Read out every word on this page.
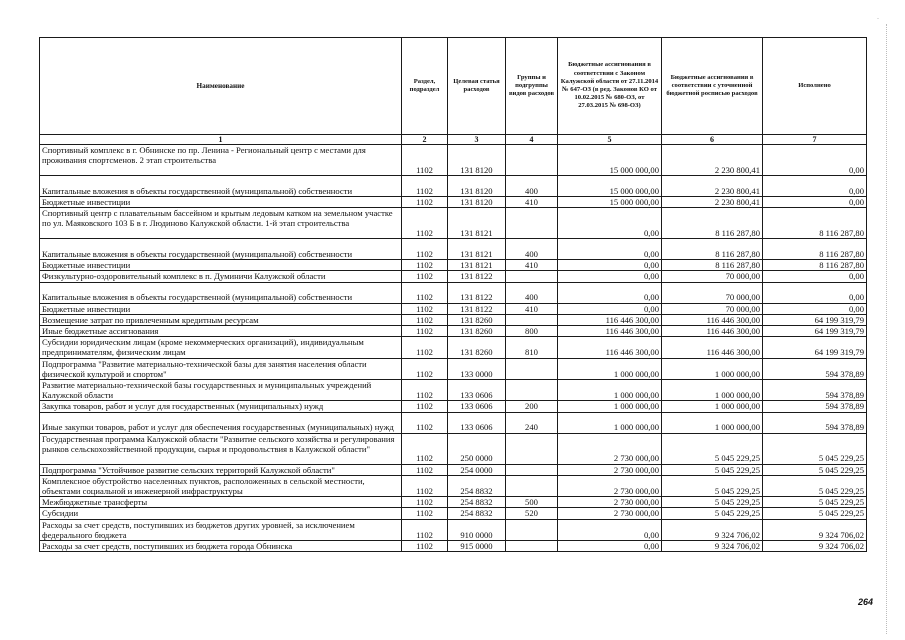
·
Наименование	Раздел, подраздел	Целевая статья расходов	Группы и подгруппы видов расходов	Бюджетные ассигнования в соответствии с Законом Калужской области от 27.11.2014 № 647-ОЗ (в ред. Законов КО от 10.02.2015 № 680-ОЗ, от 27.03.2015 № 698-ОЗ)	Бюджетные ассигнования в соответствии с уточненной бюджетной росписью расходов	Исполнено
1	2	3	4	5	6	7
Спортивный комплекс в г. Обнинске по пр. Ленина - Региональный центр с местами для проживания спортсменов. 2 этап строительства	1102	131 8120		15 000 000,00	2 230 800,41	0,00
Капитальные вложения в объекты государственной (муниципальной) собственности	1102	131 8120	400	15 000 000,00	2 230 800,41	0,00
Бюджетные инвестиции	1102	131 8120	410	15 000 000,00	2 230 800,41	0,00
Спортивный центр с плавательным бассейном и крытым ледовым катком на земельном участке по ул. Маяковского 103 Б в г. Людиново Калужской области. 1-й этап строительства	1102	131 8121		0,00	8 116 287,80	8 116 287,80
Капитальные вложения в объекты государственной (муниципальной) собственности	1102	131 8121	400	0,00	8 116 287,80	8 116 287,80
Бюджетные инвестиции	1102	131 8121	410	0,00	8 116 287,80	8 116 287,80
Физкультурно-оздоровительный комплекс в п. Думиничи Калужской области	1102	131 8122		0,00	70 000,00	0,00
Капитальные вложения в объекты государственной (муниципальной) собственности	1102	131 8122	400	0,00	70 000,00	0,00
Бюджетные инвестиции	1102	131 8122	410	0,00	70 000,00	0,00
Возмещение затрат по привлеченным кредитным ресурсам	1102	131 8260		116 446 300,00	116 446 300,00	64 199 319,79
Иные бюджетные ассигнования	1102	131 8260	800	116 446 300,00	116 446 300,00	64 199 319,79
Субсидии юридическим лицам (кроме некоммерческих организаций), индивидуальным предпринимателям, физическим лицам	1102	131 8260	810	116 446 300,00	116 446 300,00	64 199 319,79
Подпрограмма "Развитие материально-технической базы для занятия населения области физической культурой и спортом"	1102	133 0000		1 000 000,00	1 000 000,00	594 378,89
Развитие материально-технической базы государственных и муниципальных учреждений Калужской области	1102	133 0606		1 000 000,00	1 000 000,00	594 378,89
Закупка товаров, работ и услуг для государственных (муниципальных) нужд	1102	133 0606	200	1 000 000,00	1 000 000,00	594 378,89
Иные закупки товаров, работ и услуг для обеспечения государственных (муниципальных) нужд	1102	133 0606	240	1 000 000,00	1 000 000,00	594 378,89
Государственная программа Калужской области "Развитие сельского хозяйства и регулирования рынков сельскохозяйственной продукции, сырья и продовольствия в Калужской области"	1102	250 0000		2 730 000,00	5 045 229,25	5 045 229,25
Подпрограмма "Устойчивое развитие сельских территорий Калужской области"	1102	254 0000		2 730 000,00	5 045 229,25	5 045 229,25
Комплексное обустройство населенных пунктов, расположенных в сельской местности, объектами социальной и инженерной инфраструктуры	1102	254 8832		2 730 000,00	5 045 229,25	5 045 229,25
Межбюджетные трансферты	1102	254 8832	500	2 730 000,00	5 045 229,25	5 045 229,25
Субсидии	1102	254 8832	520	2 730 000,00	5 045 229,25	5 045 229,25
Расходы за счет средств, поступивших из бюджетов других уровней, за исключением федерального бюджета	1102	910 0000		0,00	9 324 706,02	9 324 706,02
Расходы за счет средств, поступивших из бюджета города Обнинска	1102	915 0000		0,00	9 324 706,02	9 324 706,02
264
